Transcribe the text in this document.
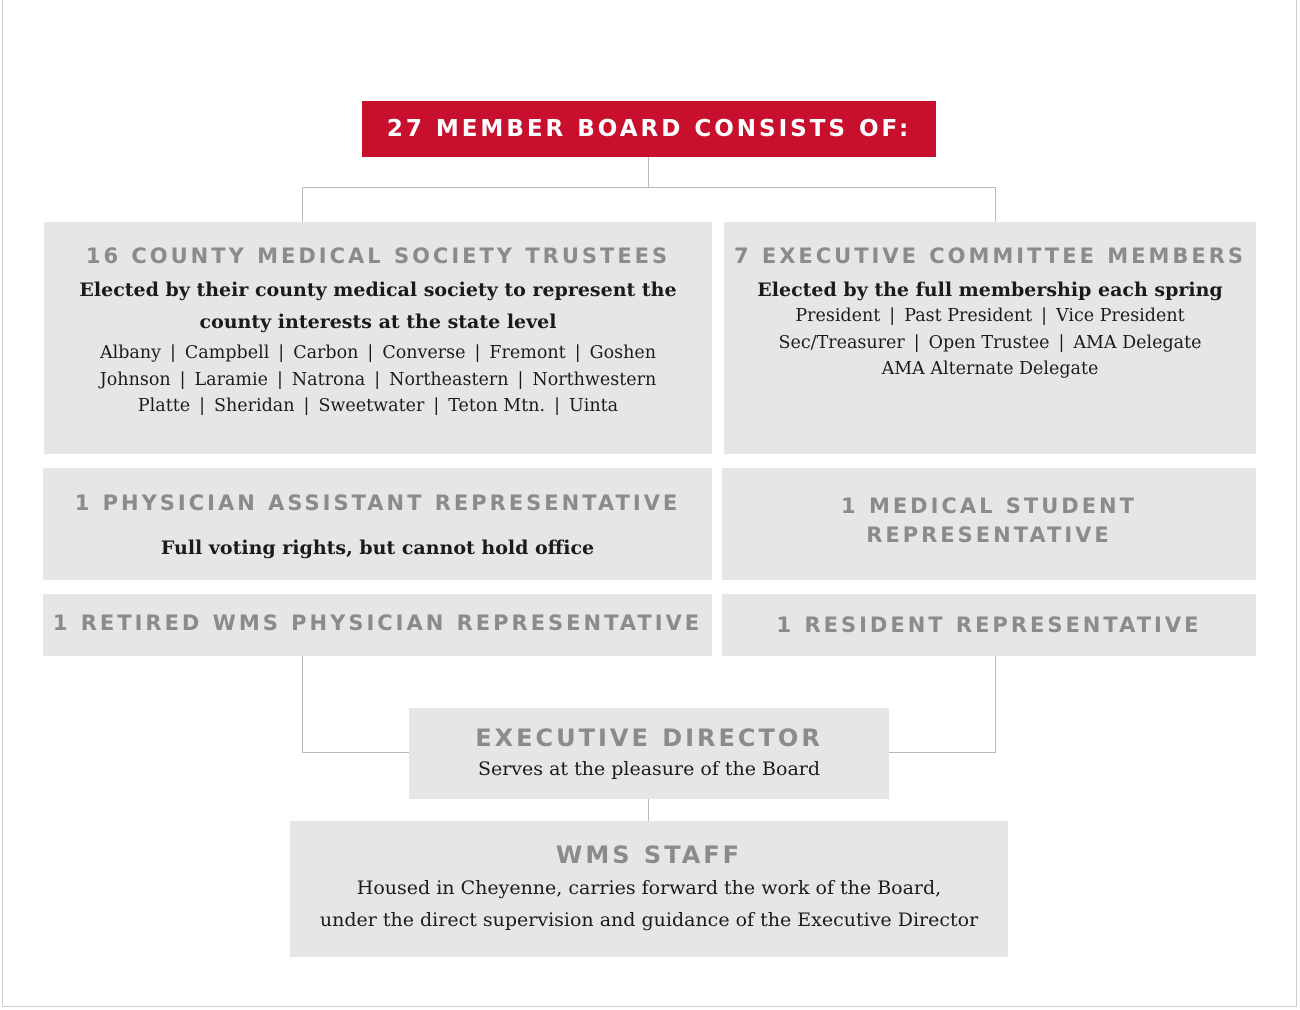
27 MEMBER BOARD CONSISTS OF:
16 COUNTY MEDICAL SOCIETY TRUSTEES
Elected by their county medical society to represent the
county interests at the state level
Albany | Campbell | Carbon | Converse | Fremont | Goshen
Johnson | Laramie | Natrona | Northeastern | Northwestern
Platte | Sheridan | Sweetwater | Teton Mtn. | Uinta
7 EXECUTIVE COMMITTEE MEMBERS
Elected by the full membership each spring
President | Past President | Vice President
Sec/Treasurer | Open Trustee | AMA Delegate
AMA Alternate Delegate
1 PHYSICIAN ASSISTANT REPRESENTATIVE
Full voting rights, but cannot hold office
1 MEDICAL STUDENT
REPRESENTATIVE
1 RETIRED WMS PHYSICIAN REPRESENTATIVE	1 RESIDENT REPRESENTATIVE
EXECUTIVE DIRECTOR
Serves at the pleasure of the Board
WMS STAFF
Housed in Cheyenne, carries forward the work of the Board,
under the direct supervision and guidance of the Executive Director
